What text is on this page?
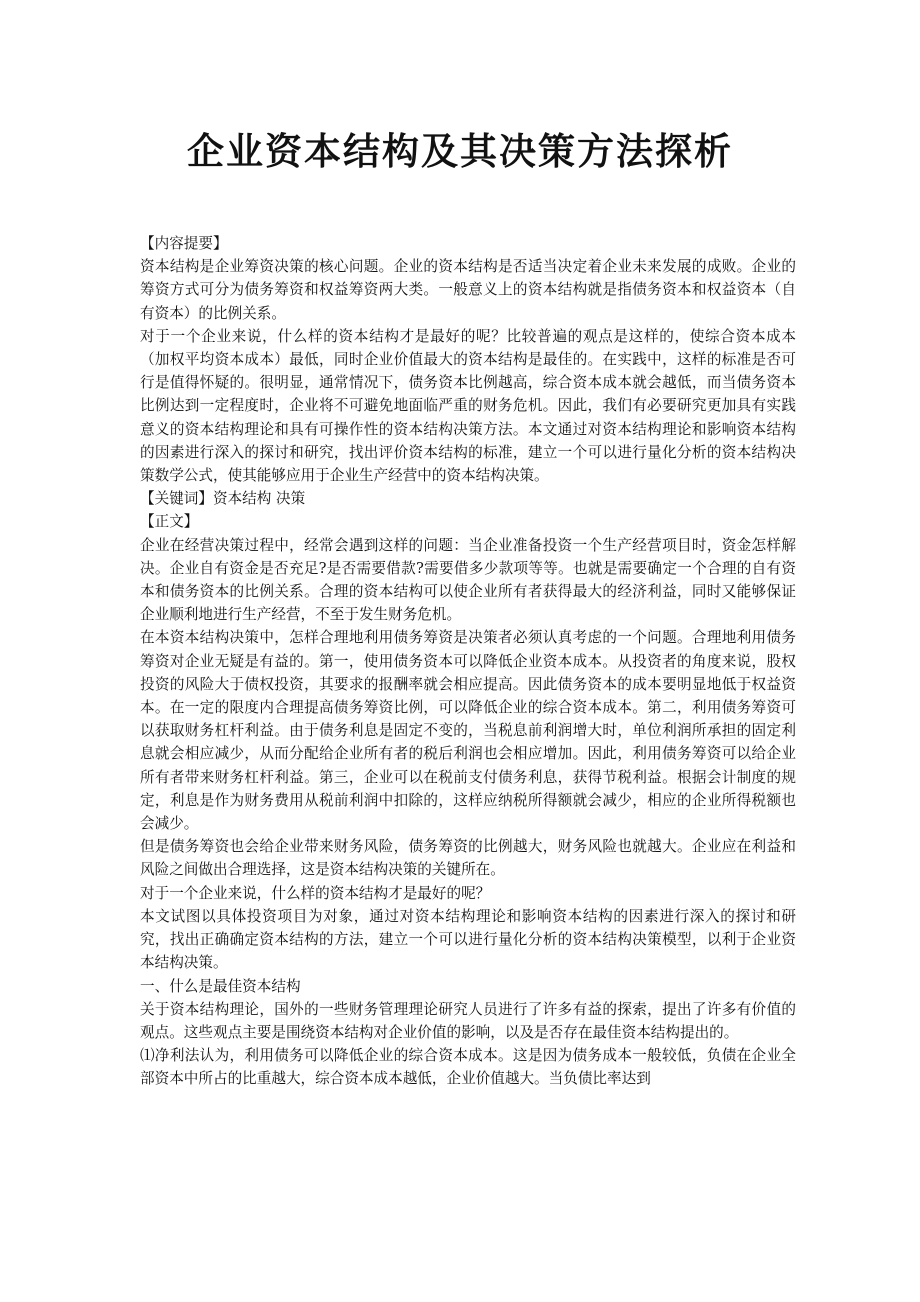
企业资本结构及其决策方法探析

【内容提要】

资本结构是企业筹资决策的核心问题。企业的资本结构是否适当决定着企业未来发展的成败。企业的筹资方式可分为债务筹资和权益筹资两大类。一般意义上的资本结构就是指债务资本和权益资本（自有资本）的比例关系。

对于一个企业来说，什么样的资本结构才是最好的呢？比较普遍的观点是这样的，使综合资本成本（加权平均资本成本）最低，同时企业价值最大的资本结构是最佳的。在实践中，这样的标准是否可行是值得怀疑的。很明显，通常情况下，债务资本比例越高，综合资本成本就会越低，而当债务资本比例达到一定程度时，企业将不可避免地面临严重的财务危机。因此，我们有必要研究更加具有实践意义的资本结构理论和具有可操作性的资本结构决策方法。本文通过对资本结构理论和影响资本结构的因素进行深入的探讨和研究，找出评价资本结构的标准，建立一个可以进行量化分析的资本结构决策数学公式，使其能够应用于企业生产经营中的资本结构决策。

【关键词】资本结构 决策

【正文】

企业在经营决策过程中，经常会遇到这样的问题：当企业准备投资一个生产经营项目时，资金怎样解决。企业自有资金是否充足?是否需要借款?需要借多少款项等等。也就是需要确定一个合理的自有资本和债务资本的比例关系。合理的资本结构可以使企业所有者获得最大的经济利益，同时又能够保证企业顺利地进行生产经营，不至于发生财务危机。

在本资本结构决策中，怎样合理地利用债务筹资是决策者必须认真考虑的一个问题。合理地利用债务筹资对企业无疑是有益的。第一，使用债务资本可以降低企业资本成本。从投资者的角度来说，股权投资的风险大于债权投资，其要求的报酬率就会相应提高。因此债务资本的成本要明显地低于权益资本。在一定的限度内合理提高债务筹资比例，可以降低企业的综合资本成本。第二，利用债务筹资可以获取财务杠杆利益。由于债务利息是固定不变的，当税息前利润增大时，单位利润所承担的固定利息就会相应减少，从而分配给企业所有者的税后利润也会相应增加。因此，利用债务筹资可以给企业所有者带来财务杠杆利益。第三，企业可以在税前支付债务利息，获得节税利益。根据会计制度的规定，利息是作为财务费用从税前利润中扣除的，这样应纳税所得额就会减少，相应的企业所得税额也会减少。

但是债务筹资也会给企业带来财务风险，债务筹资的比例越大，财务风险也就越大。企业应在利益和风险之间做出合理选择，这是资本结构决策的关键所在。

对于一个企业来说，什么样的资本结构才是最好的呢？

本文试图以具体投资项目为对象，通过对资本结构理论和影响资本结构的因素进行深入的探讨和研究，找出正确确定资本结构的方法，建立一个可以进行量化分析的资本结构决策模型，以利于企业资本结构决策。

一、什么是最佳资本结构

关于资本结构理论，国外的一些财务管理理论研究人员进行了许多有益的探索，提出了许多有价值的观点。这些观点主要是围绕资本结构对企业价值的影响，以及是否存在最佳资本结构提出的。

⑴净利法认为，利用债务可以降低企业的综合资本成本。这是因为债务成本一般较低，负债在企业全部资本中所占的比重越大，综合资本成本越低，企业价值越大。当负债比率达到
